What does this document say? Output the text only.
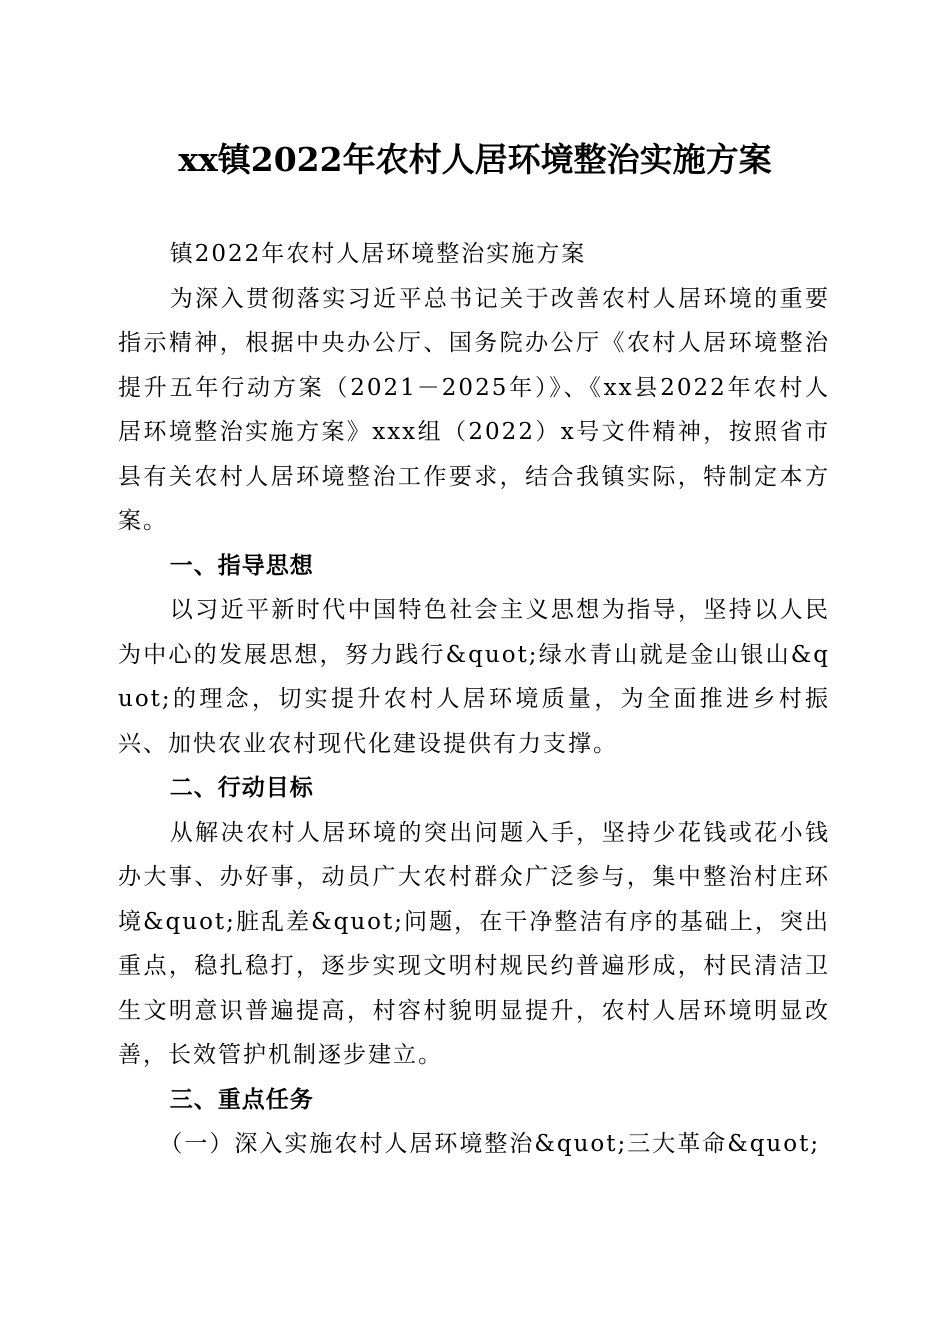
xx镇2022年农村人居环境整治实施方案

镇2022年农村人居环境整治实施方案

为深入贯彻落实习近平总书记关于改善农村人居环境的重要指示精神，根据中央办公厅、国务院办公厅《农村人居环境整治提升五年行动方案（2021－2025年）》、《xx县2022年农村人居环境整治实施方案》xxx组（2022）x号文件精神，按照省市县有关农村人居环境整治工作要求，结合我镇实际，特制定本方案。

一、指导思想

以习近平新时代中国特色社会主义思想为指导，坚持以人民为中心的发展思想，努力践行&quot;绿水青山就是金山银山&quot;的理念，切实提升农村人居环境质量，为全面推进乡村振兴、加快农业农村现代化建设提供有力支撑。

二、行动目标

从解决农村人居环境的突出问题入手，坚持少花钱或花小钱办大事、办好事，动员广大农村群众广泛参与，集中整治村庄环境&quot;脏乱差&quot;问题，在干净整洁有序的基础上，突出重点，稳扎稳打，逐步实现文明村规民约普遍形成，村民清洁卫生文明意识普遍提高，村容村貌明显提升，农村人居环境明显改善，长效管护机制逐步建立。

三、重点任务

（一）深入实施农村人居环境整治&quot;三大革命&quot;
